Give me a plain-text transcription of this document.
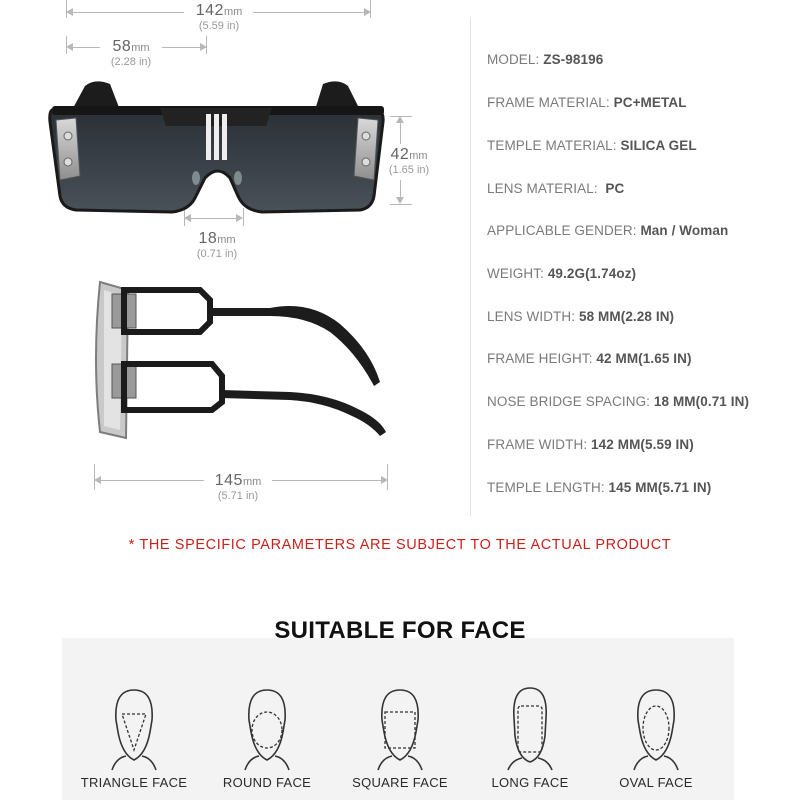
142mm
(5.59 in)
58mm
(2.28 in)
42mm
(1.65 in)
18mm
(0.71 in)
145mm
(5.71 in)
MODEL: ZS-98196
FRAME MATERIAL: PC+METAL
TEMPLE MATERIAL: SILICA GEL
LENS MATERIAL:  PC
APPLICABLE GENDER: Man / Woman
WEIGHT: 49.2G(1.74oz)
LENS WIDTH: 58 MM(2.28 IN)
FRAME HEIGHT: 42 MM(1.65 IN)
NOSE BRIDGE SPACING: 18 MM(0.71 IN)
FRAME WIDTH: 142 MM(5.59 IN)
TEMPLE LENGTH: 145 MM(5.71 IN)
* THE SPECIFIC PARAMETERS ARE SUBJECT TO THE ACTUAL PRODUCT
SUITABLE FOR FACE
TRIANGLE FACE	ROUND FACE	SQUARE FACE	LONG FACE	OVAL FACE
